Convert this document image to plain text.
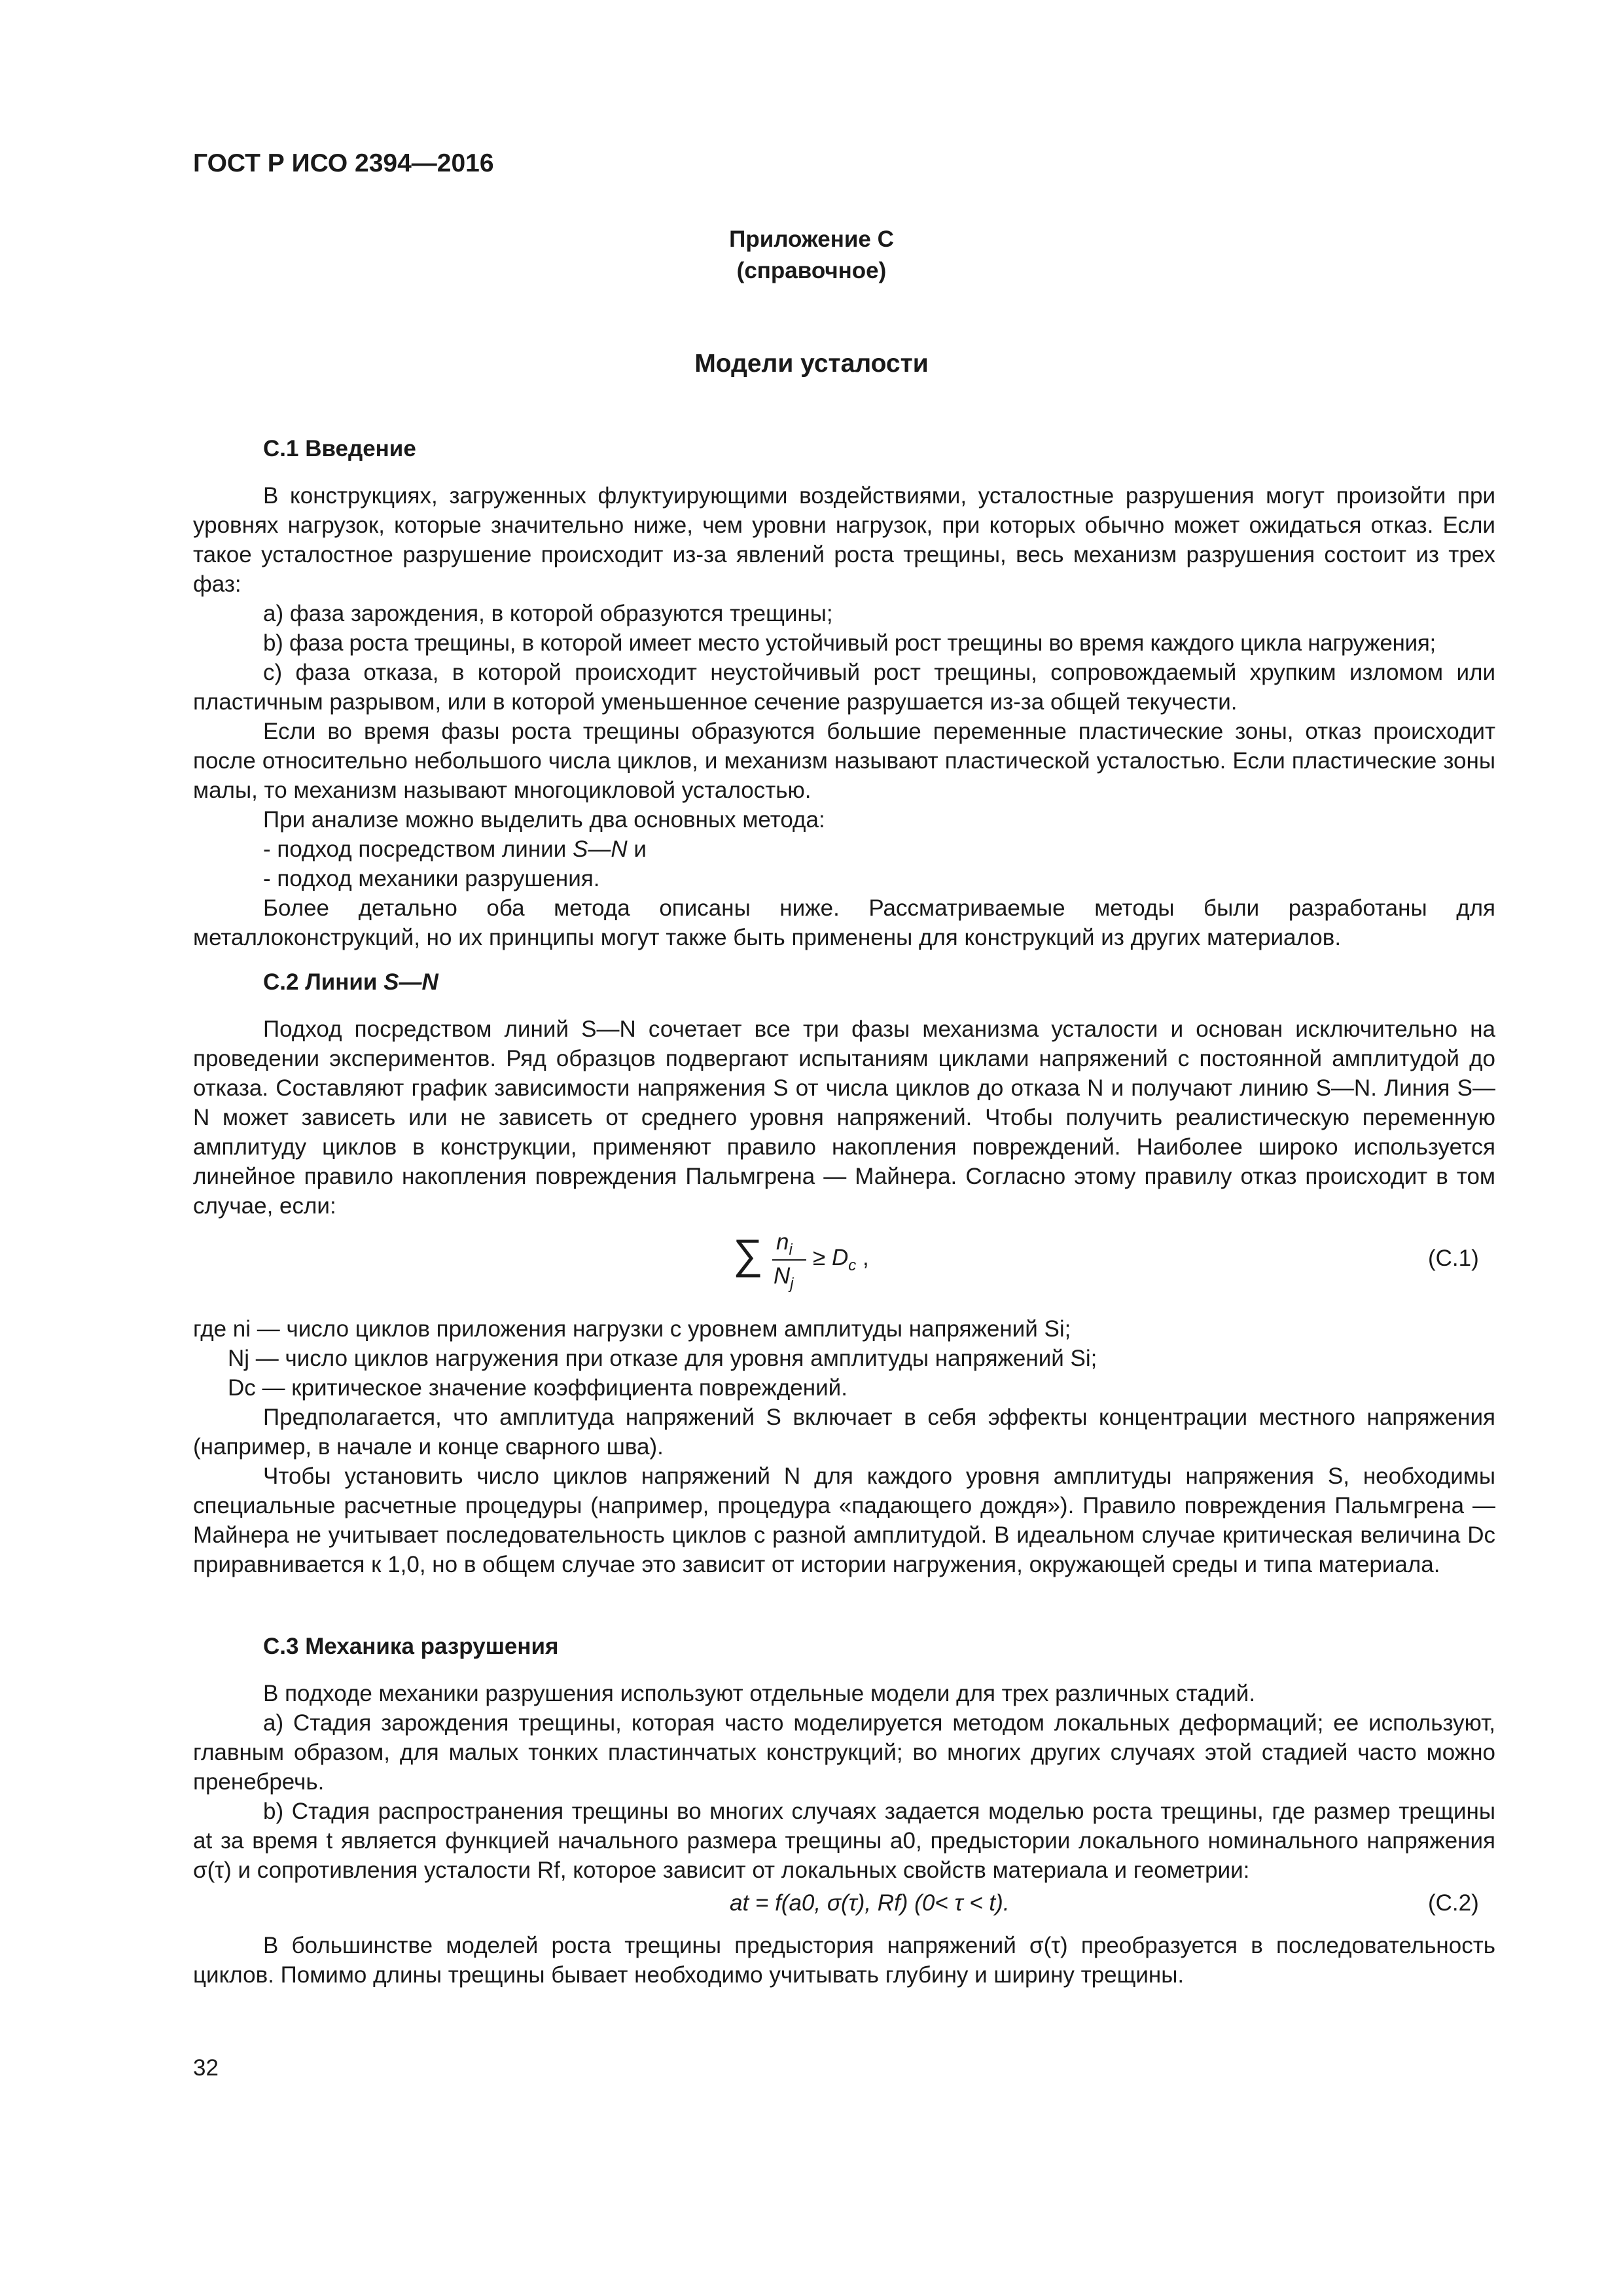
ГОСТ Р ИСО 2394—2016
Приложение С
(справочное)
Модели усталости

С.1 Введение

В конструкциях, загруженных флуктуирующими воздействиями, усталостные разрушения могут произойти при уровнях нагрузок, которые значительно ниже, чем уровни нагрузок, при которых обычно может ожидаться отказ. Если такое усталостное разрушение происходит из-за явлений роста трещины, весь механизм разрушения состоит из трех фаз:

a) фаза зарождения, в которой образуются трещины;

b) фаза роста трещины, в которой имеет место устойчивый рост трещины во время каждого цикла нагружения;

c) фаза отказа, в которой происходит неустойчивый рост трещины, сопровождаемый хрупким изломом или пластичным разрывом, или в которой уменьшенное сечение разрушается из-за общей текучести.

Если во время фазы роста трещины образуются большие переменные пластические зоны, отказ происходит после относительно небольшого числа циклов, и механизм называют пластической усталостью. Если пластические зоны малы, то механизм называют многоцикловой усталостью.

При анализе можно выделить два основных метода:

- подход посредством линии S—N и

- подход механики разрушения.

Более детально оба метода описаны ниже. Рассматриваемые методы были разработаны для металлоконструкций, но их принципы могут также быть применены для конструкций из других материалов.

С.2 Линии S—N

Подход посредством линий S—N сочетает все три фазы механизма усталости и основан исключительно на проведении экспериментов. Ряд образцов подвергают испытаниям циклами напряжений с постоянной амплитудой до отказа. Составляют график зависимости напряжения S от числа циклов до отказа N и получают линию S—N. Линия S—N может зависеть или не зависеть от среднего уровня напряжений. Чтобы получить реалистическую переменную амплитуду циклов в конструкции, применяют правило накопления повреждений. Наиболее широко используется линейное правило накопления повреждения Пальмгрена — Майнера. Согласно этому правилу отказ происходит в том случае, если:

∑ $n_i$
$N_j$
≥ $D_c$ ,	(С.1)

где ni — число циклов приложения нагрузки с уровнем амплитуды напряжений Si;

Nj — число циклов нагружения при отказе для уровня амплитуды напряжений Si;

Dc — критическое значение коэффициента повреждений.

Предполагается, что амплитуда напряжений S включает в себя эффекты концентрации местного напряжения (например, в начале и конце сварного шва).

Чтобы установить число циклов напряжений N для каждого уровня амплитуды напряжения S, необходимы специальные расчетные процедуры (например, процедура «падающего дождя»). Правило повреждения Пальмгрена — Майнера не учитывает последовательность циклов с разной амплитудой. В идеальном случае критическая величина Dc приравнивается к 1,0, но в общем случае это зависит от истории нагружения, окружающей среды и типа материала.

С.3 Механика разрушения

В подходе механики разрушения используют отдельные модели для трех различных стадий.

a) Стадия зарождения трещины, которая часто моделируется методом локальных деформаций; ее используют, главным образом, для малых тонких пластинчатых конструкций; во многих других случаях этой стадией часто можно пренебречь.

b) Стадия распространения трещины во многих случаях задается моделью роста трещины, где размер трещины at за время t является функцией начального размера трещины a0, предыстории локального номинального напряжения σ(τ) и сопротивления усталости Rf, которое зависит от локальных свойств материала и геометрии:

at = f(a0, σ(τ), Rf) (0< τ < t).	(С.2)

В большинстве моделей роста трещины предыстория напряжений σ(τ) преобразуется в последовательность циклов. Помимо длины трещины бывает необходимо учитывать глубину и ширину трещины.

32
